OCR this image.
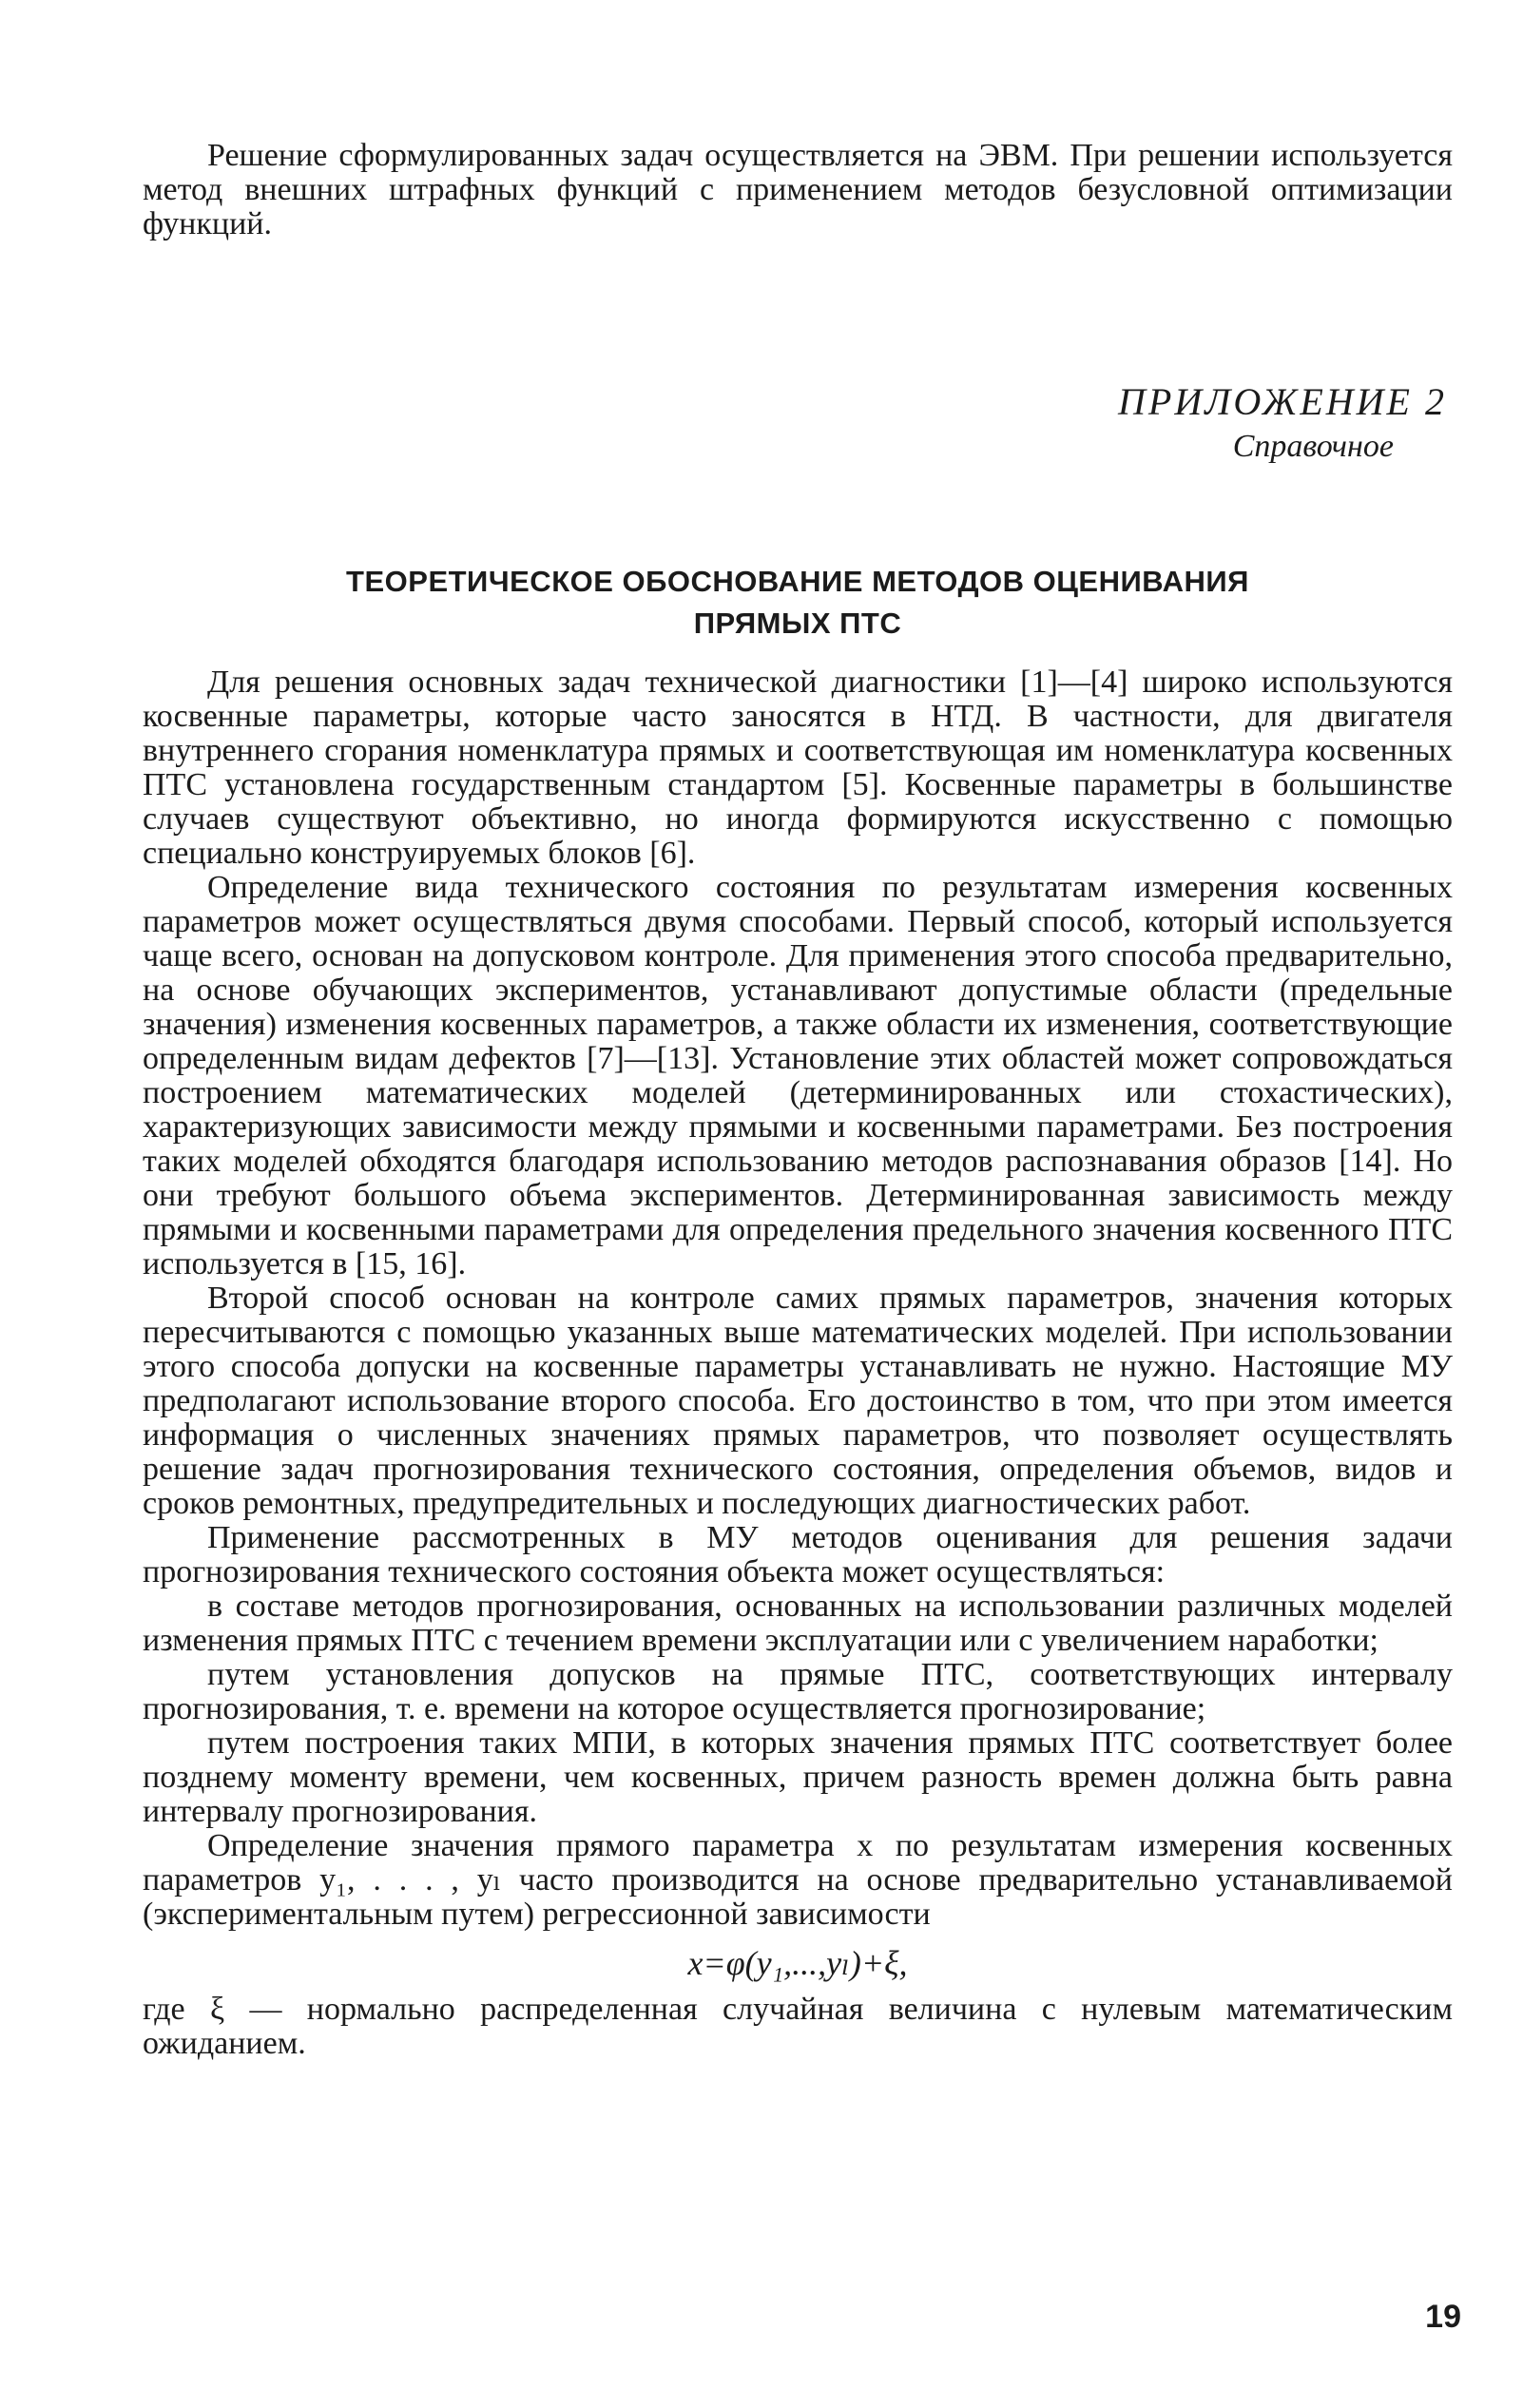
Решение сформулированных задач осуществляется на ЭВМ. При решении используется метод внешних штрафных функций с применением методов безусловной оптимизации функций.

ПРИЛОЖЕНИЕ 2
Справочное
ТЕОРЕТИЧЕСКОЕ ОБОСНОВАНИЕ МЕТОДОВ ОЦЕНИВАНИЯ
ПРЯМЫХ ПТС

Для решения основных задач технической диагностики [1]—[4] широко используются косвенные параметры, которые часто заносятся в НТД. В частности, для двигателя внутреннего сгорания номенклатура прямых и соответствующая им номенклатура косвенных ПТС установлена государственным стандартом [5]. Косвенные параметры в большинстве случаев существуют объективно, но иногда формируются искусственно с помощью специально конструируемых блоков [6].

Определение вида технического состояния по результатам измерения косвенных параметров может осуществляться двумя способами. Первый способ, который используется чаще всего, основан на допусковом контроле. Для применения этого способа предварительно, на основе обучающих экспериментов, устанавливают допустимые области (предельные значения) изменения косвенных параметров, а также области их изменения, соответствующие определенным видам дефектов [7]—[13]. Установление этих областей может сопровождаться построением математических моделей (детерминированных или стохастических), характеризующих зависимости между прямыми и косвенными параметрами. Без построения таких моделей обходятся благодаря использованию методов распознавания образов [14]. Но они требуют большого объема экспериментов. Детерминированная зависимость между прямыми и косвенными параметрами для определения предельного значения косвенного ПТС используется в [15, 16].

Второй способ основан на контроле самих прямых параметров, значения которых пересчитываются с помощью указанных выше математических моделей. При использовании этого способа допуски на косвенные параметры устанавливать не нужно. Настоящие МУ предполагают использование второго способа. Его достоинство в том, что при этом имеется информация о численных значениях прямых параметров, что позволяет осуществлять решение задач прогнозирования технического состояния, определения объемов, видов и сроков ремонтных, предупредительных и последующих диагностических работ.

Применение рассмотренных в МУ методов оценивания для решения задачи прогнозирования технического состояния объекта может осуществляться:

в составе методов прогнозирования, основанных на использовании различных моделей изменения прямых ПТС с течением времени эксплуатации или с увеличением наработки;

путем установления допусков на прямые ПТС, соответствующих интервалу прогнозирования, т. е. времени на которое осуществляется прогнозирование;

путем построения таких МПИ, в которых значения прямых ПТС соответствует более позднему моменту времени, чем косвенных, причем разность времен должна быть равна интервалу прогнозирования.

Определение значения прямого параметра x по результатам измерения косвенных параметров y₁, . . . , yₗ часто производится на основе предварительно устанавливаемой (экспериментальным путем) регрессионной зависимости

x=φ(y₁,...,yₗ)+ξ,

где ξ — нормально распределенная случайная величина с нулевым математическим ожиданием.

19
